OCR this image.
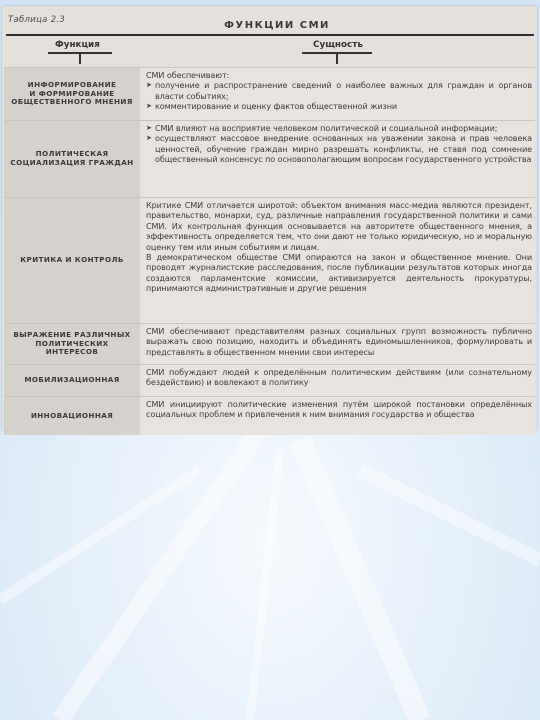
Таблица 2.3	ФУНКЦИИ СМИ
Функция	Сущность
ИНФОРМИРОВАНИЕ
И ФОРМИРОВАНИЕ
ОБЩЕСТВЕННОГО МНЕНИЯ

СМИ обеспечивают:

➤ получение и распространение сведений о наиболее важных для граждан и органов власти событиях;
➤ комментирование и оценку фактов общественной жизни
ПОЛИТИЧЕСКАЯ
СОЦИАЛИЗАЦИЯ ГРАЖДАН
➤ СМИ влияют на восприятие человеком политической и социальной информации;
➤ осуществляют массовое внедрение основанных на уважении закона и прав человека ценностей, обучение граждан мирно разрешать конфликты, не ставя под сомнение общественный консенсус по основополагающим вопросам государственного устройства
КРИТИКА И КОНТРОЛЬ

Критике СМИ отличается широтой: объектом внимания масс-медиа являются президент, правительство, монархи, суд, различные направления государственной политики и сами СМИ. Их контрольная функция основывается на авторитете общественного мнения, а эффективность определяется тем, что они дают не только юридическую, но и моральную оценку тем или иным событиям и лицам.

В демократическом обществе СМИ опираются на закон и общественное мнение. Они проводят журналистские расследования, после публикации результатов которых иногда создаются парламентские комиссии, активизируется деятельность прокуратуры, принимаются административные и другие решения

ВЫРАЖЕНИЕ РАЗЛИЧНЫХ
ПОЛИТИЧЕСКИХ
ИНТЕРЕСОВ

СМИ обеспечивают представителям разных социальных групп возможность публично выражать свою позицию, находить и объединять единомышленников, формулировать и представлять в общественном мнении свои интересы

МОБИЛИЗАЦИОННАЯ

СМИ побуждают людей к определённым политическим действиям (или сознательному бездействию) и вовлекают в политику

ИННОВАЦИОННАЯ

СМИ инициируют политические изменения путём широкой постановки определённых социальных проблем и привлечения к ним внимания государства и общества
